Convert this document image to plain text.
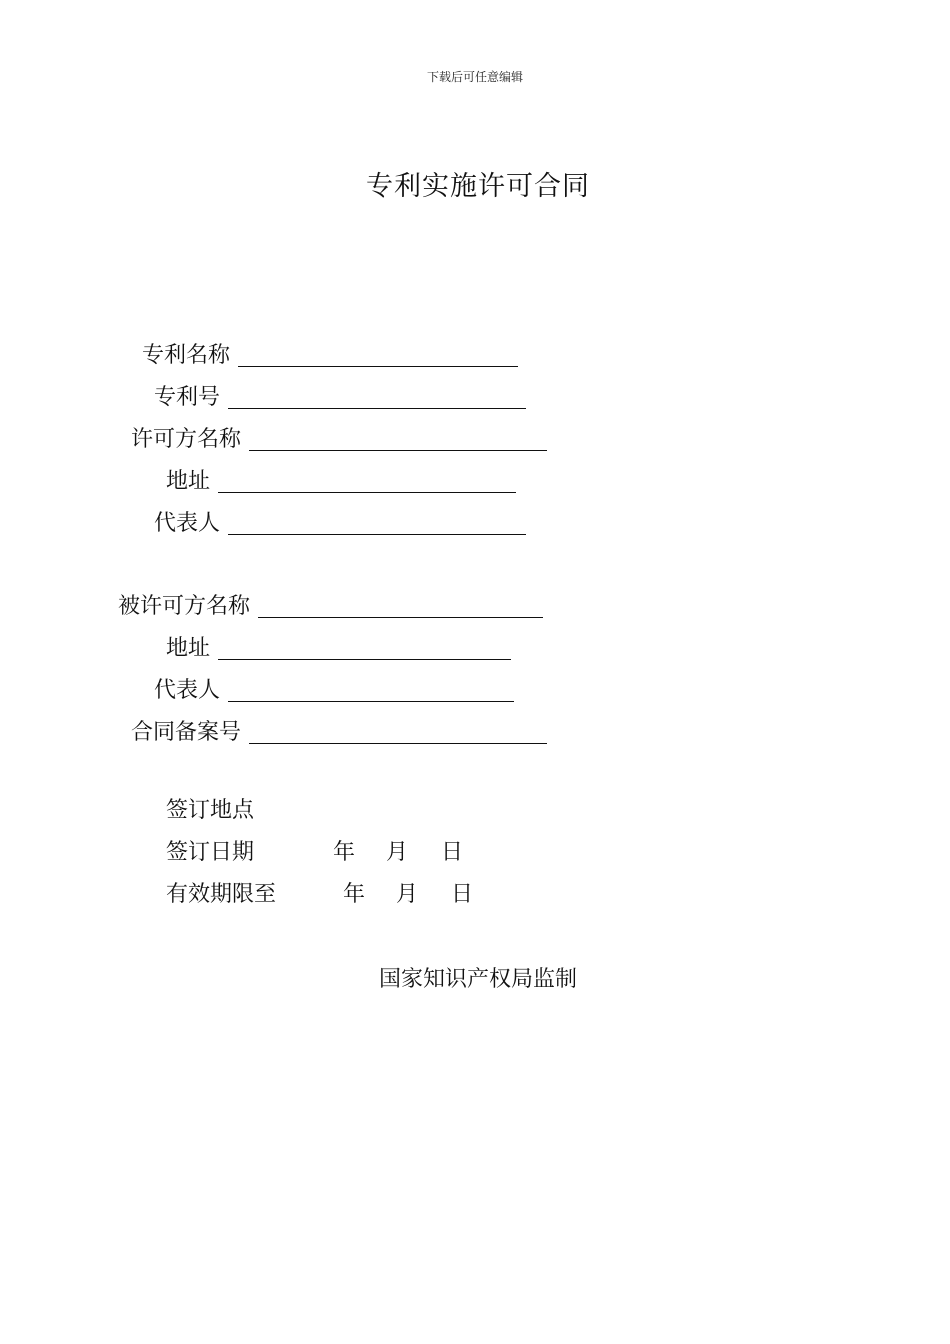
下载后可任意编辑
专利实施许可合同
专利名称
专利号
许可方名称
地址
代表人
被许可方名称
地址
代表人
合同备案号
签订地点
签订日期	年 月 日
有效期限至	年 月 日
国家知识产权局监制
